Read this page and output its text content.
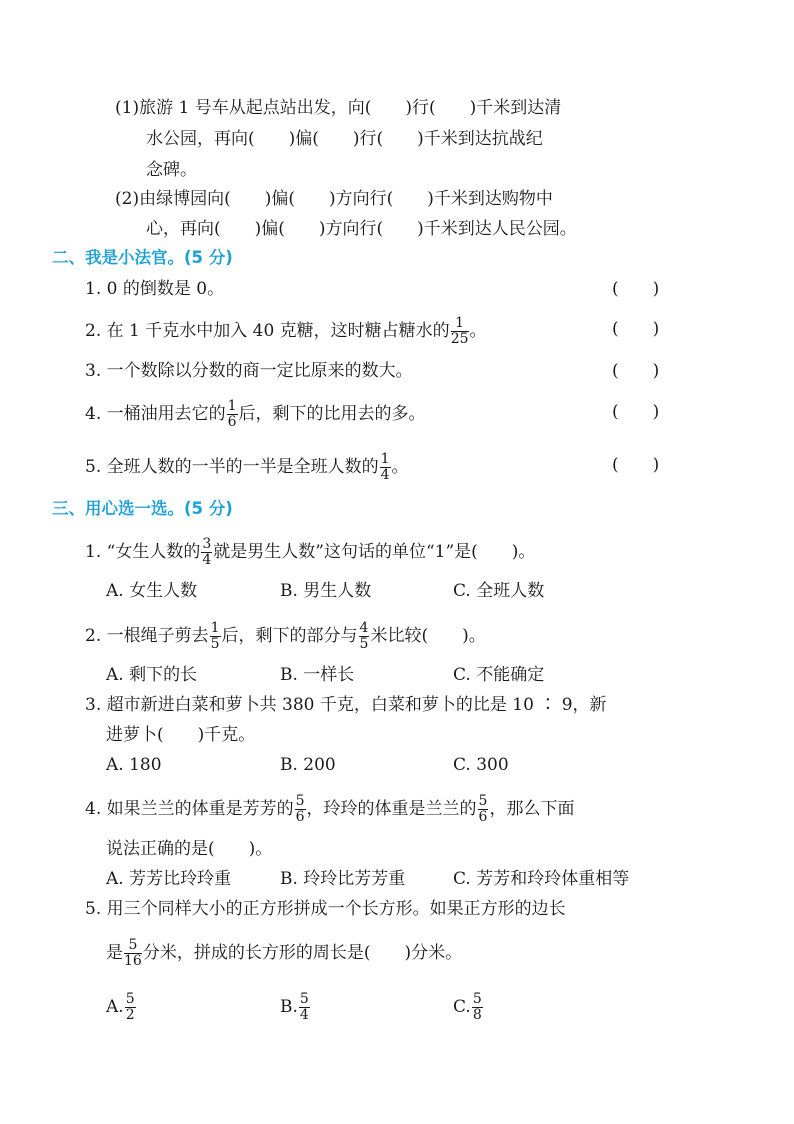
(1)旅游 1 号车从起点站出发，向(　　)行(　　)千米到达清
水公园，再向(　　)偏(　　)行(　　)千米到达抗战纪
念碑。
(2)由绿博园向(　　)偏(　　)方向行(　　)千米到达购物中
心，再向(　　)偏(　　)方向行(　　)千米到达人民公园。
二、我是小法官。(5 分)
1. 0 的倒数是 0。	(　　)
2. 在 1 千克水中加入 40 克糖，这时糖占糖水的 $\frac{1}{25}$ 。	(　　)
3. 一个数除以分数的商一定比原来的数大。	(　　)
4. 一桶油用去它的 $\frac{1}{6}$ 后，剩下的比用去的多。	(　　)
5. 全班人数的一半的一半是全班人数的 $\frac{1}{4}$ 。	(　　)
三、用心选一选。(5 分)
1. “女生人数的 $\frac{3}{4}$ 就是男生人数”这句话的单位“1”是(　　)。
A. 女生人数	B. 男生人数	C. 全班人数
2. 一根绳子剪去 $\frac{1}{5}$ 后，剩下的部分与 $\frac{4}{5}$ 米比较(　　)。
A. 剩下的长	B. 一样长	C. 不能确定
3. 超市新进白菜和萝卜共 380 千克，白菜和萝卜的比是 10 ∶ 9，新
进萝卜(　　)千克。
A. 180	B. 200	C. 300
4. 如果兰兰的体重是芳芳的 $\frac{5}{6}$ ，玲玲的体重是兰兰的 $\frac{5}{6}$ ，那么下面
说法正确的是(　　)。
A. 芳芳比玲玲重	B. 玲玲比芳芳重	C. 芳芳和玲玲体重相等
5. 用三个同样大小的正方形拼成一个长方形。如果正方形的边长
是 $\frac{5}{16}$ 分米，拼成的长方形的周长是(　　)分米。
A. $\frac{5}{2}$	B. $\frac{5}{4}$	C. $\frac{5}{8}$
